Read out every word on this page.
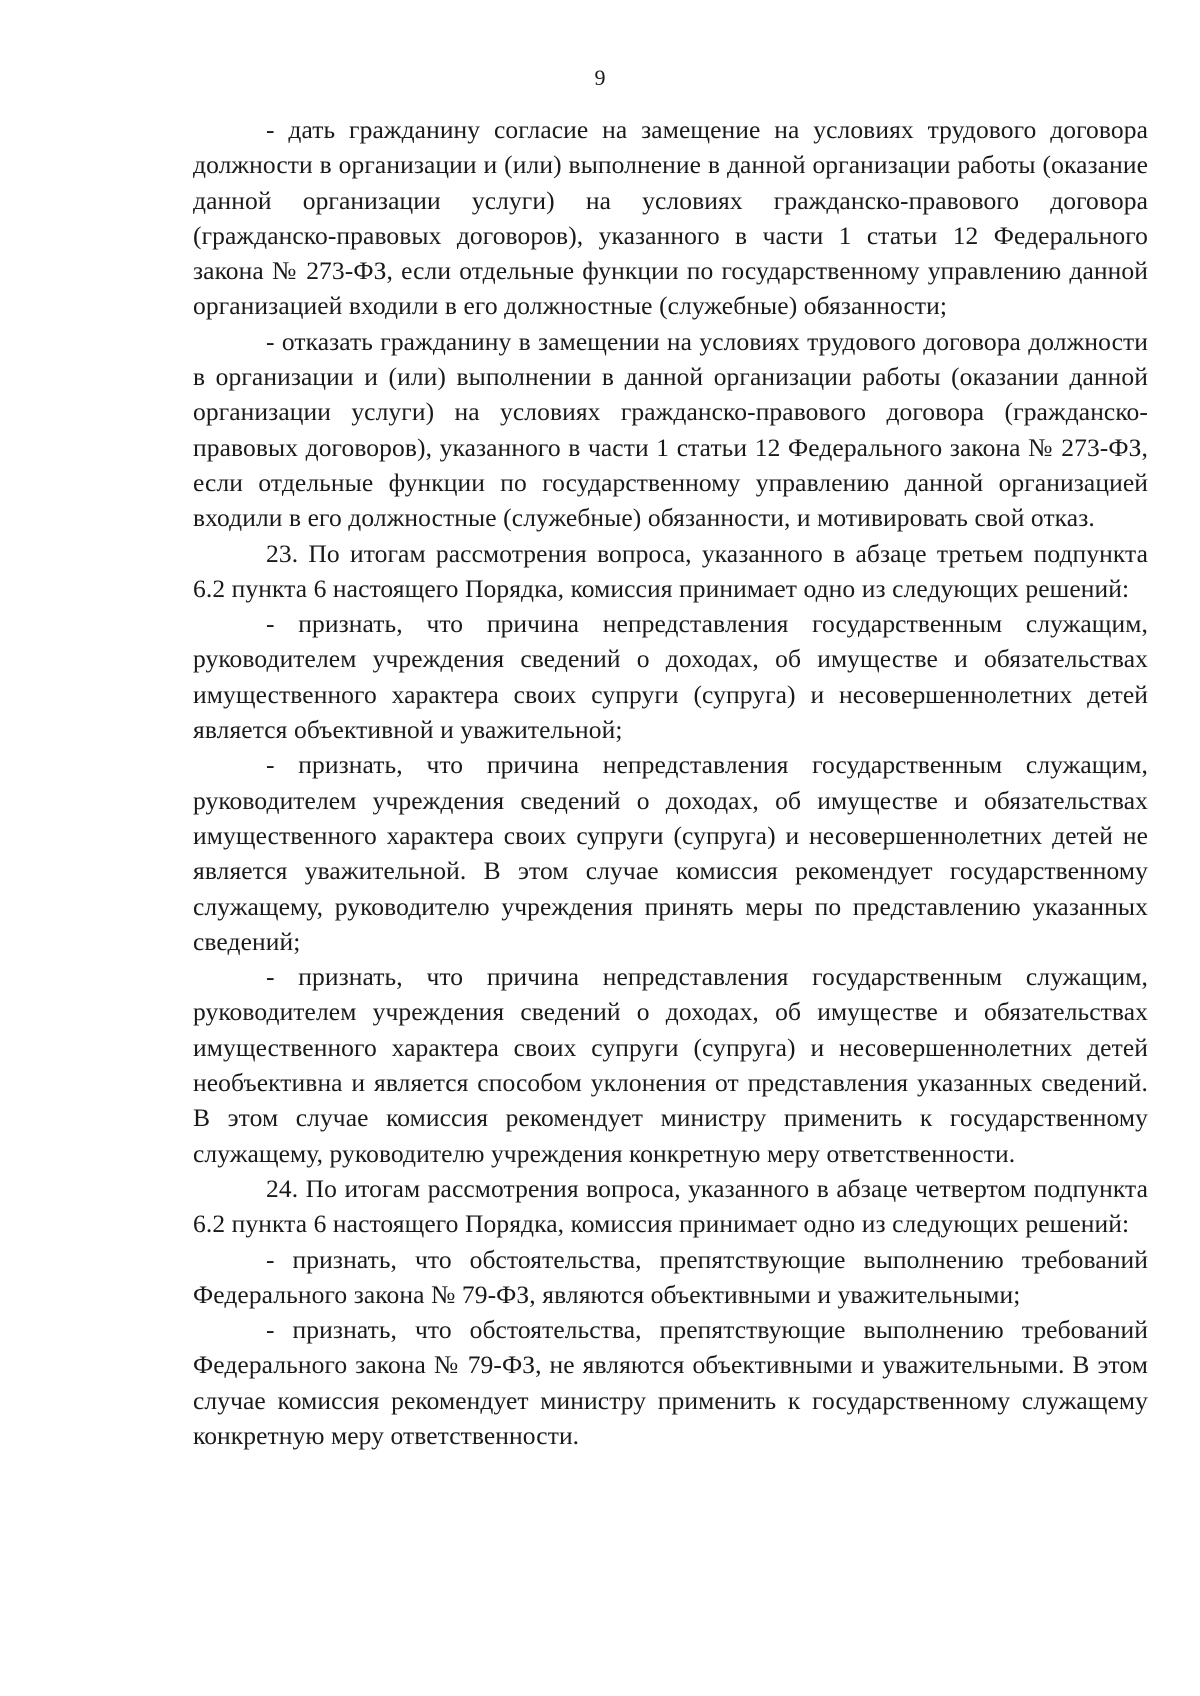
9

- дать гражданину согласие на замещение на условиях трудового договора должности в организации и (или) выполнение в данной организации работы (оказание данной организации услуги) на условиях гражданско-правового договора (гражданско-правовых договоров), указанного в части 1 статьи 12 Федерального закона № 273-ФЗ, если отдельные функции по государственному управлению данной организацией входили в его должностные (служебные) обязанности;

- отказать гражданину в замещении на условиях трудового договора должности в организации и (или) выполнении в данной организации работы (оказании данной организации услуги) на условиях гражданско-правового договора (гражданско-правовых договоров), указанного в части 1 статьи 12 Федерального закона № 273-ФЗ, если отдельные функции по государственному управлению данной организацией входили в его должностные (служебные) обязанности, и мотивировать свой отказ.

23. По итогам рассмотрения вопроса, указанного в абзаце третьем подпункта 6.2 пункта 6 настоящего Порядка, комиссия принимает одно из следующих решений:

- признать, что причина непредставления государственным служащим, руководителем учреждения сведений о доходах, об имуществе и обязательствах имущественного характера своих супруги (супруга) и несовершеннолетних детей является объективной и уважительной;

- признать, что причина непредставления государственным служащим, руководителем учреждения сведений о доходах, об имуществе и обязательствах имущественного характера своих супруги (супруга) и несовершеннолетних детей не является уважительной. В этом случае комиссия рекомендует государственному служащему, руководителю учреждения принять меры по представлению указанных сведений;

- признать, что причина непредставления государственным служащим, руководителем учреждения сведений о доходах, об имуществе и обязательствах имущественного характера своих супруги (супруга) и несовершеннолетних детей необъективна и является способом уклонения от представления указанных сведений. В этом случае комиссия рекомендует министру применить к государственному служащему, руководителю учреждения конкретную меру ответственности.

24. По итогам рассмотрения вопроса, указанного в абзаце четвертом подпункта 6.2 пункта 6 настоящего Порядка, комиссия принимает одно из следующих решений:

- признать, что обстоятельства, препятствующие выполнению требований Федерального закона № 79-ФЗ, являются объективными и уважительными;

- признать, что обстоятельства, препятствующие выполнению требований Федерального закона № 79-ФЗ, не являются объективными и уважительными. В этом случае комиссия рекомендует министру применить к государственному служащему конкретную меру ответственности.
